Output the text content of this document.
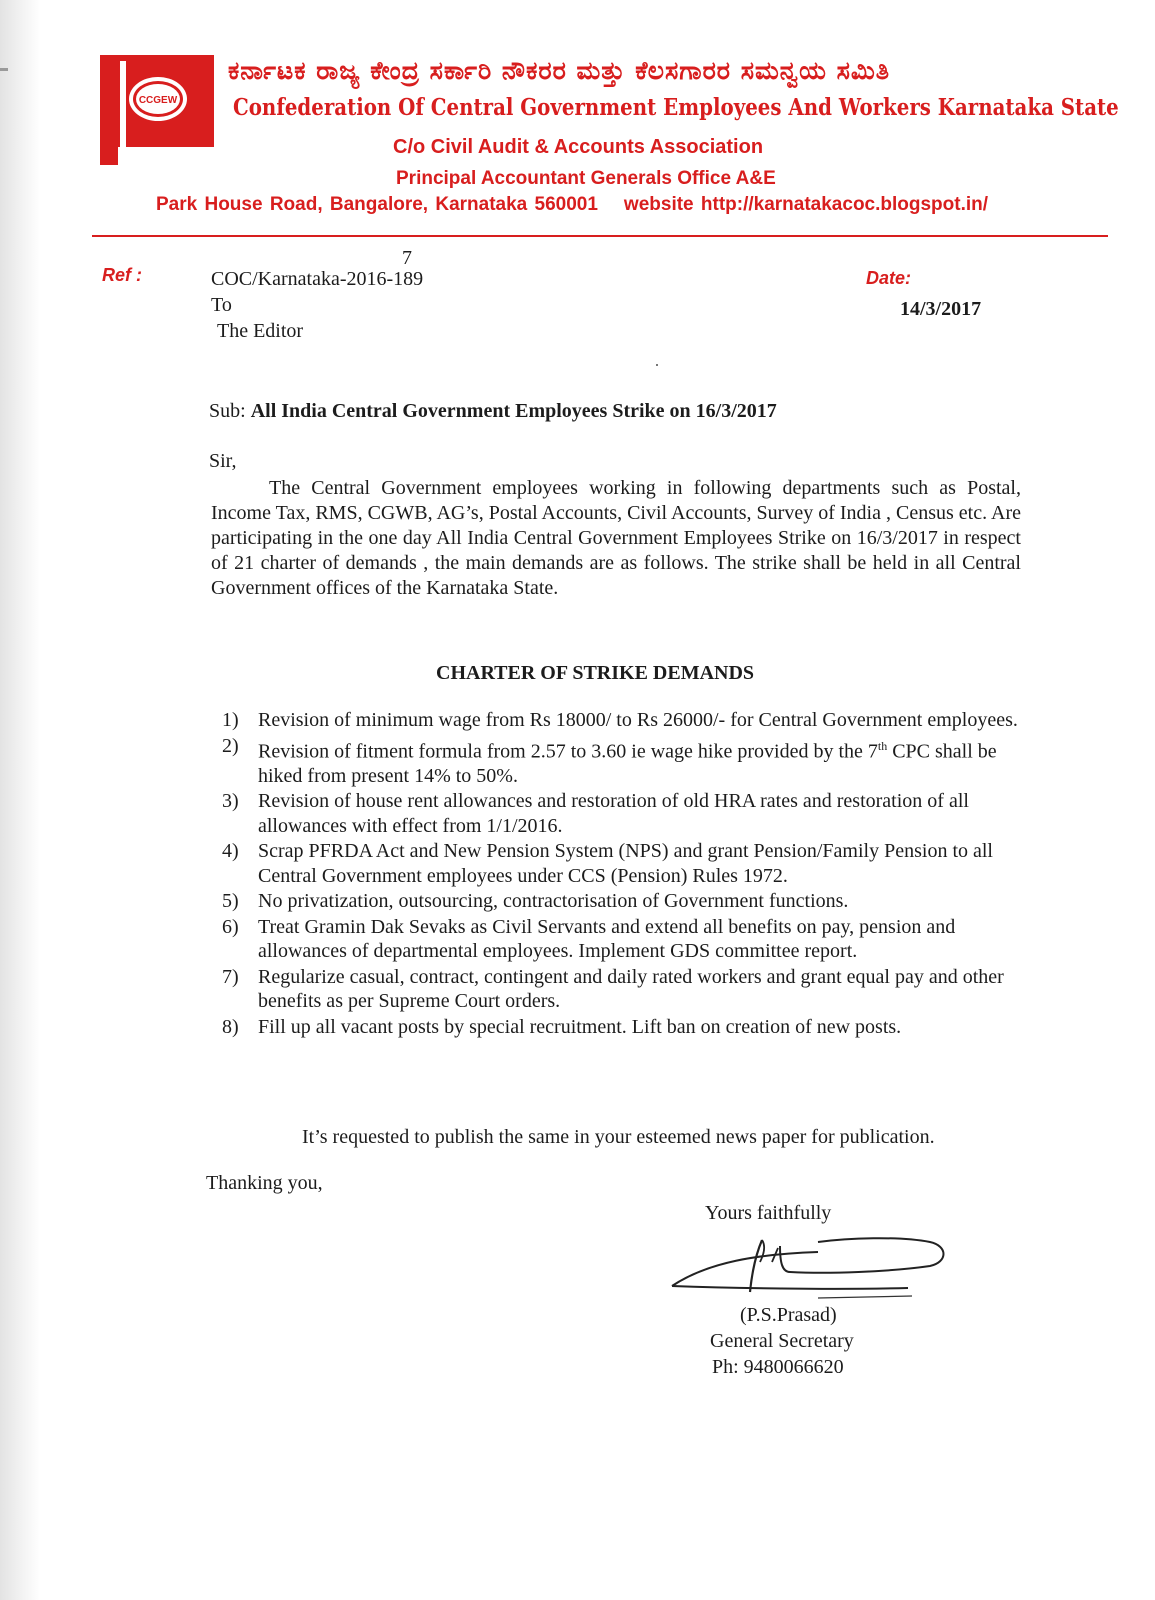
CCGEW
ಕರ್ನಾಟಕ ರಾಜ್ಯ ಕೇಂದ್ರ ಸರ್ಕಾರಿ ನೌಕರರ ಮತ್ತು ಕೆಲಸಗಾರರ ಸಮನ್ವಯ ಸಮಿತಿ
Confederation Of Central Government Employees And Workers Karnataka State
C/o Civil Audit & Accounts Association
Principal Accountant Generals Office A&E
Park House Road, Bangalore, Karnataka 560001 website http://karnatakacoc.blogspot.in/
Ref :
7
COC/Karnataka-2016-189
To
The Editor
Date:
14/3/2017
Sub: All India Central Government Employees Strike on 16/3/2017
Sir,

The Central Government employees working in following departments such as Postal, Income Tax, RMS, CGWB, AG’s, Postal Accounts, Civil Accounts, Survey of India , Census etc. Are participating in the one day All India Central Government Employees Strike on 16/3/2017 in respect of 21 charter of demands , the main demands are as follows. The strike shall be held in all Central Government offices of the Karnataka State.

CHARTER OF STRIKE DEMANDS
1) Revision of minimum wage from Rs 18000/ to Rs 26000/- for Central Government employees.
2) Revision of fitment formula from 2.57 to 3.60 ie wage hike provided by the 7th CPC shall be hiked from present 14% to 50%.
3) Revision of house rent allowances and restoration of old HRA rates and restoration of all allowances with effect from 1/1/2016.
4) Scrap PFRDA Act and New Pension System (NPS) and grant Pension/Family Pension to all Central Government employees under CCS (Pension) Rules 1972.
5) No privatization, outsourcing, contractorisation of Government functions.
6) Treat Gramin Dak Sevaks as Civil Servants and extend all benefits on pay, pension and allowances of departmental employees. Implement GDS committee report.
7) Regularize casual, contract, contingent and daily rated workers and grant equal pay and other benefits as per Supreme Court orders.
8) Fill up all vacant posts by special recruitment. Lift ban on creation of new posts.
It’s requested to publish the same in your esteemed news paper for publication.
Thanking you,
Yours faithfully
(P.S.Prasad)
General Secretary
Ph: 9480066620
